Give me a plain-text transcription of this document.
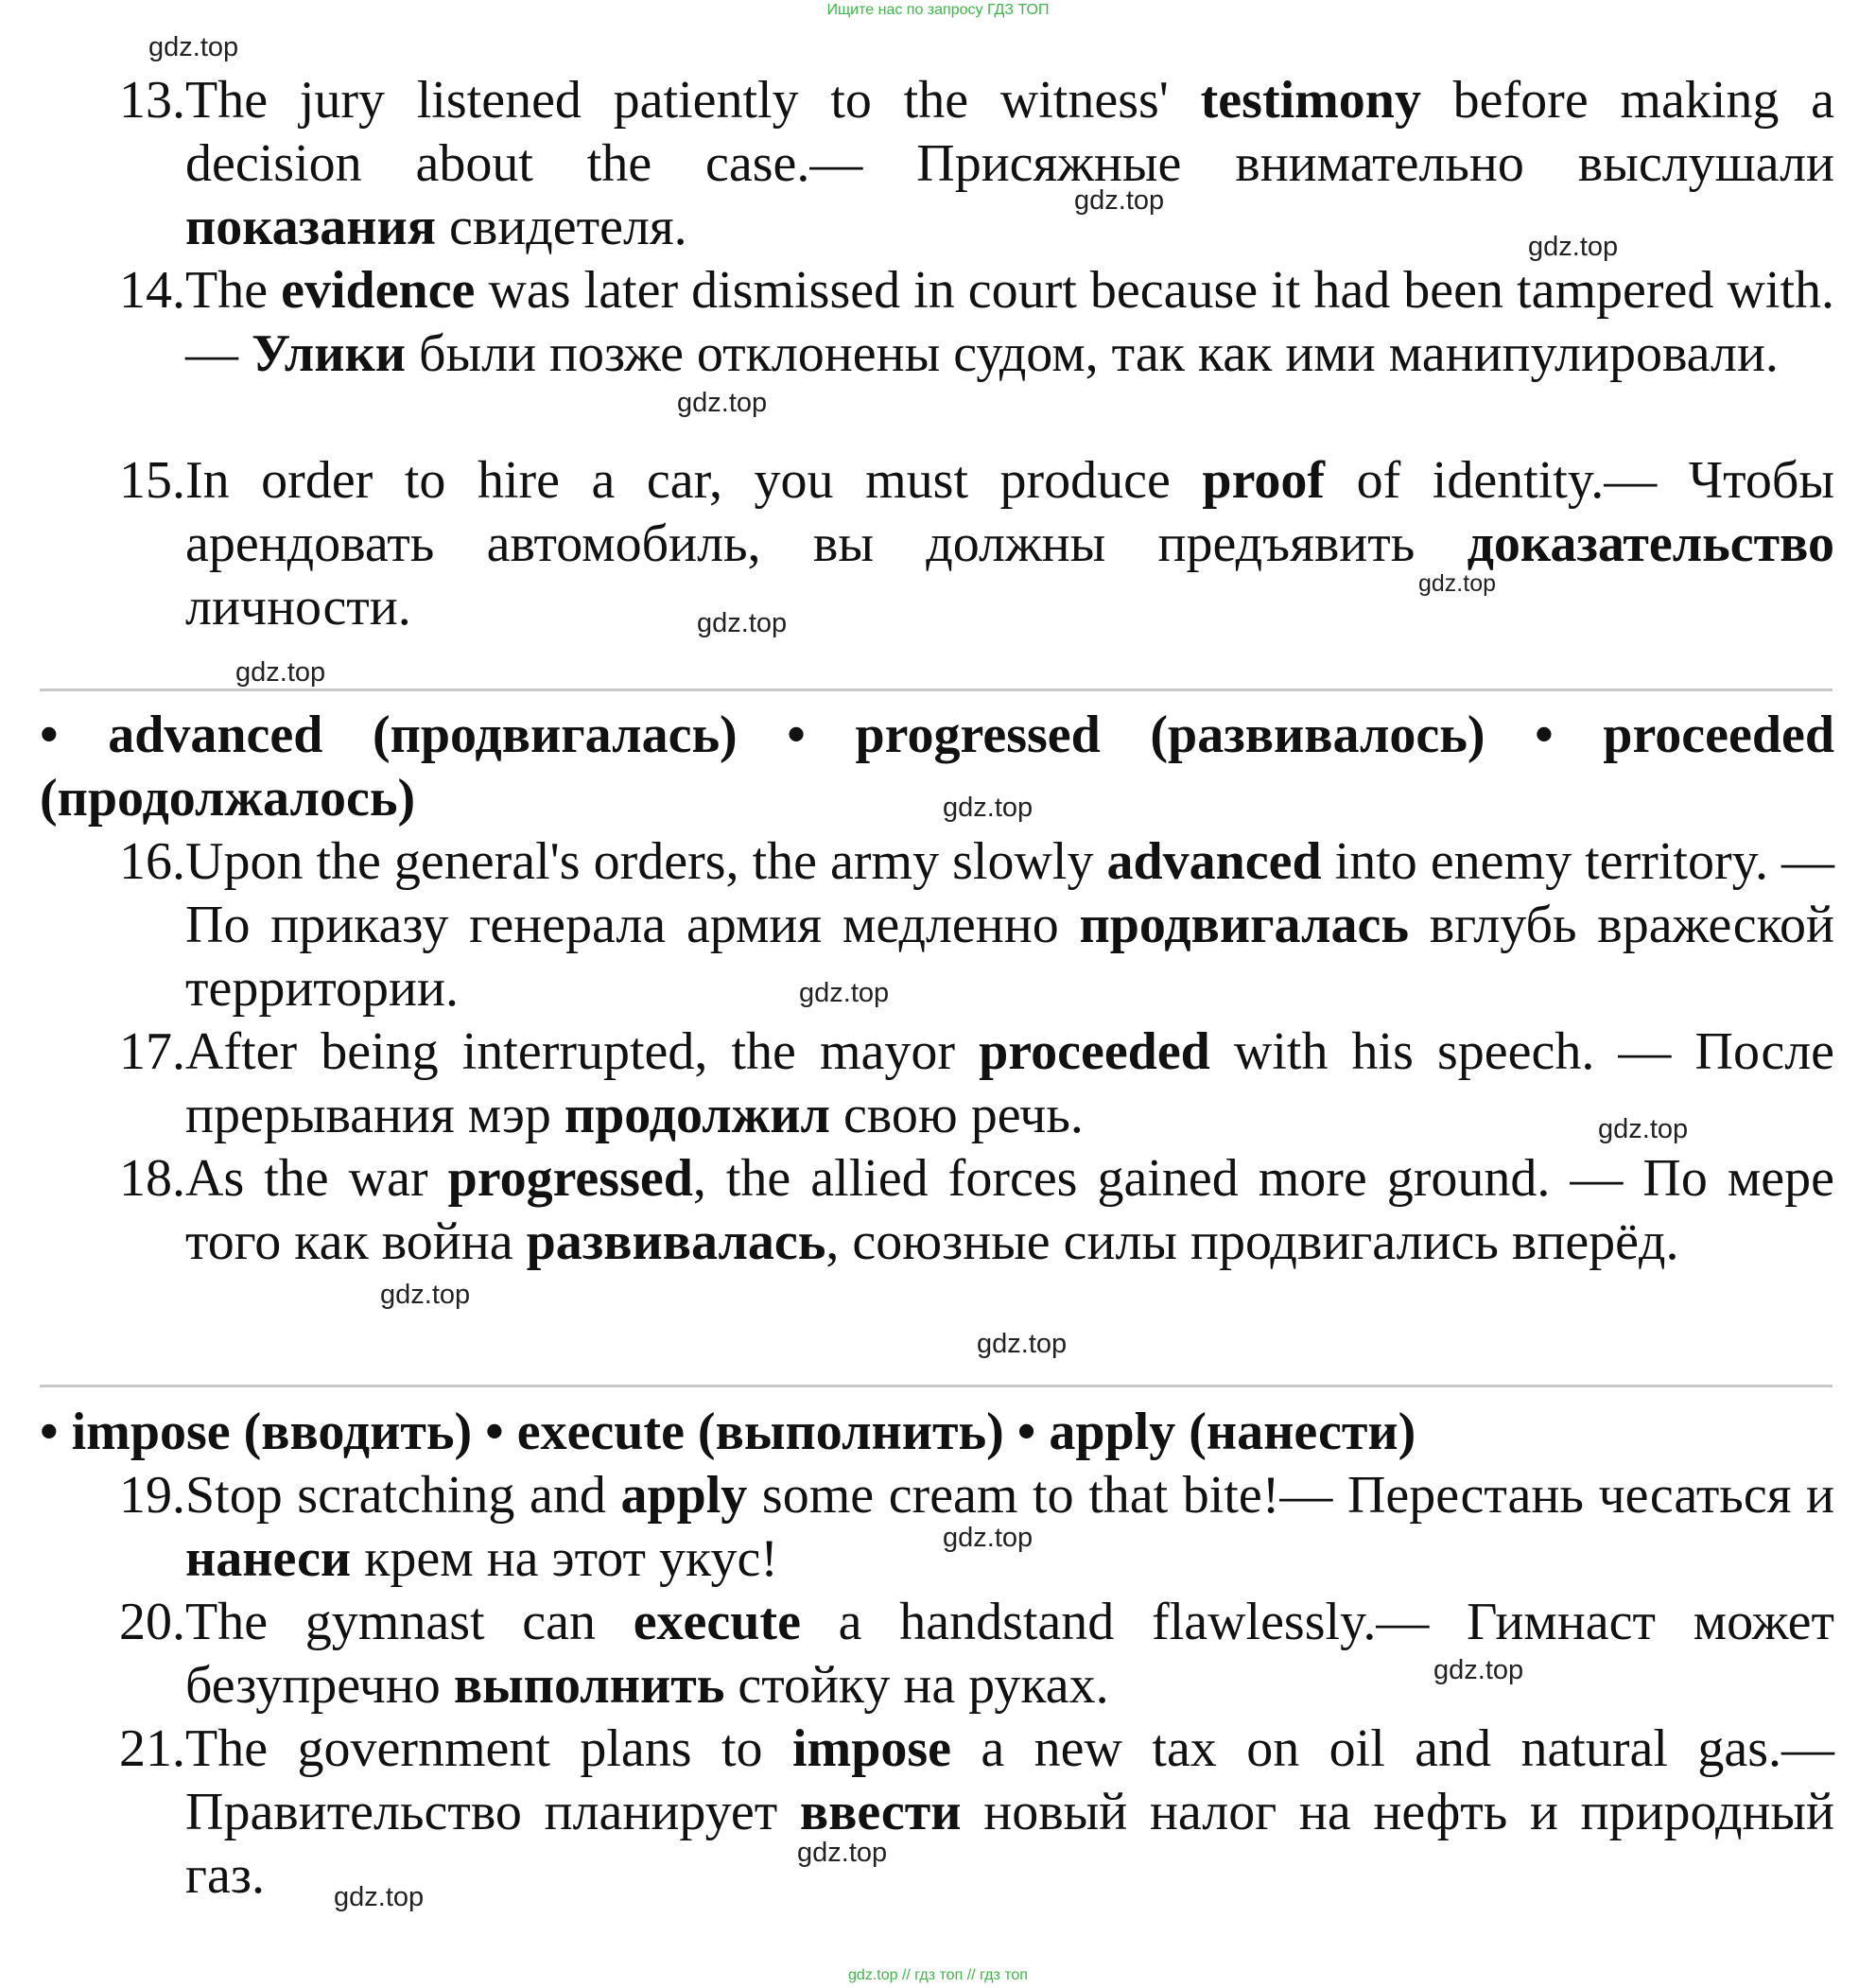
Ищите нас по запросу ГДЗ ТОП
gdz.top
gdz.top
gdz.top
gdz.top
gdz.top
gdz.top
gdz.top
gdz.top
gdz.top
gdz.top
gdz.top
gdz.top
gdz.top
gdz.top
gdz.top
gdz.top
13. The jury listened patiently to the witness' testimony before making a decision about the case.— Присяжные внимательно выслушали показания свидетеля.
14. The evidence was later dismissed in court because it had been tampered with.— Улики были позже отклонены судом, так как ими манипулировали.
15. In order to hire a car, you must produce proof of identity.— Чтобы арендовать автомобиль, вы должны предъявить доказательство личности.
• advanced (продвигалась) • progressed (развивалось) • proceeded (продолжалось)
16. Upon the general's orders, the army slowly advanced into enemy territory. — По приказу генерала армия медленно продвигалась вглубь вражеской территории.
17. After being interrupted, the mayor proceeded with his speech. — После прерывания мэр продолжил свою речь.
18. As the war progressed, the allied forces gained more ground. — По мере того как война развивалась, союзные силы продвигались вперёд.
• impose (вводить) • execute (выполнить) • apply (нанести)
19. Stop scratching and apply some cream to that bite!— Перестань чесаться и нанеси крем на этот укус!
20. The gymnast can execute a handstand flawlessly.— Гимнаст может безупречно выполнить стойку на руках.
21. The government plans to impose a new tax on oil and natural gas.— Правительство планирует ввести новый налог на нефть и природный газ.
gdz.top // гдз топ // гдз топ
